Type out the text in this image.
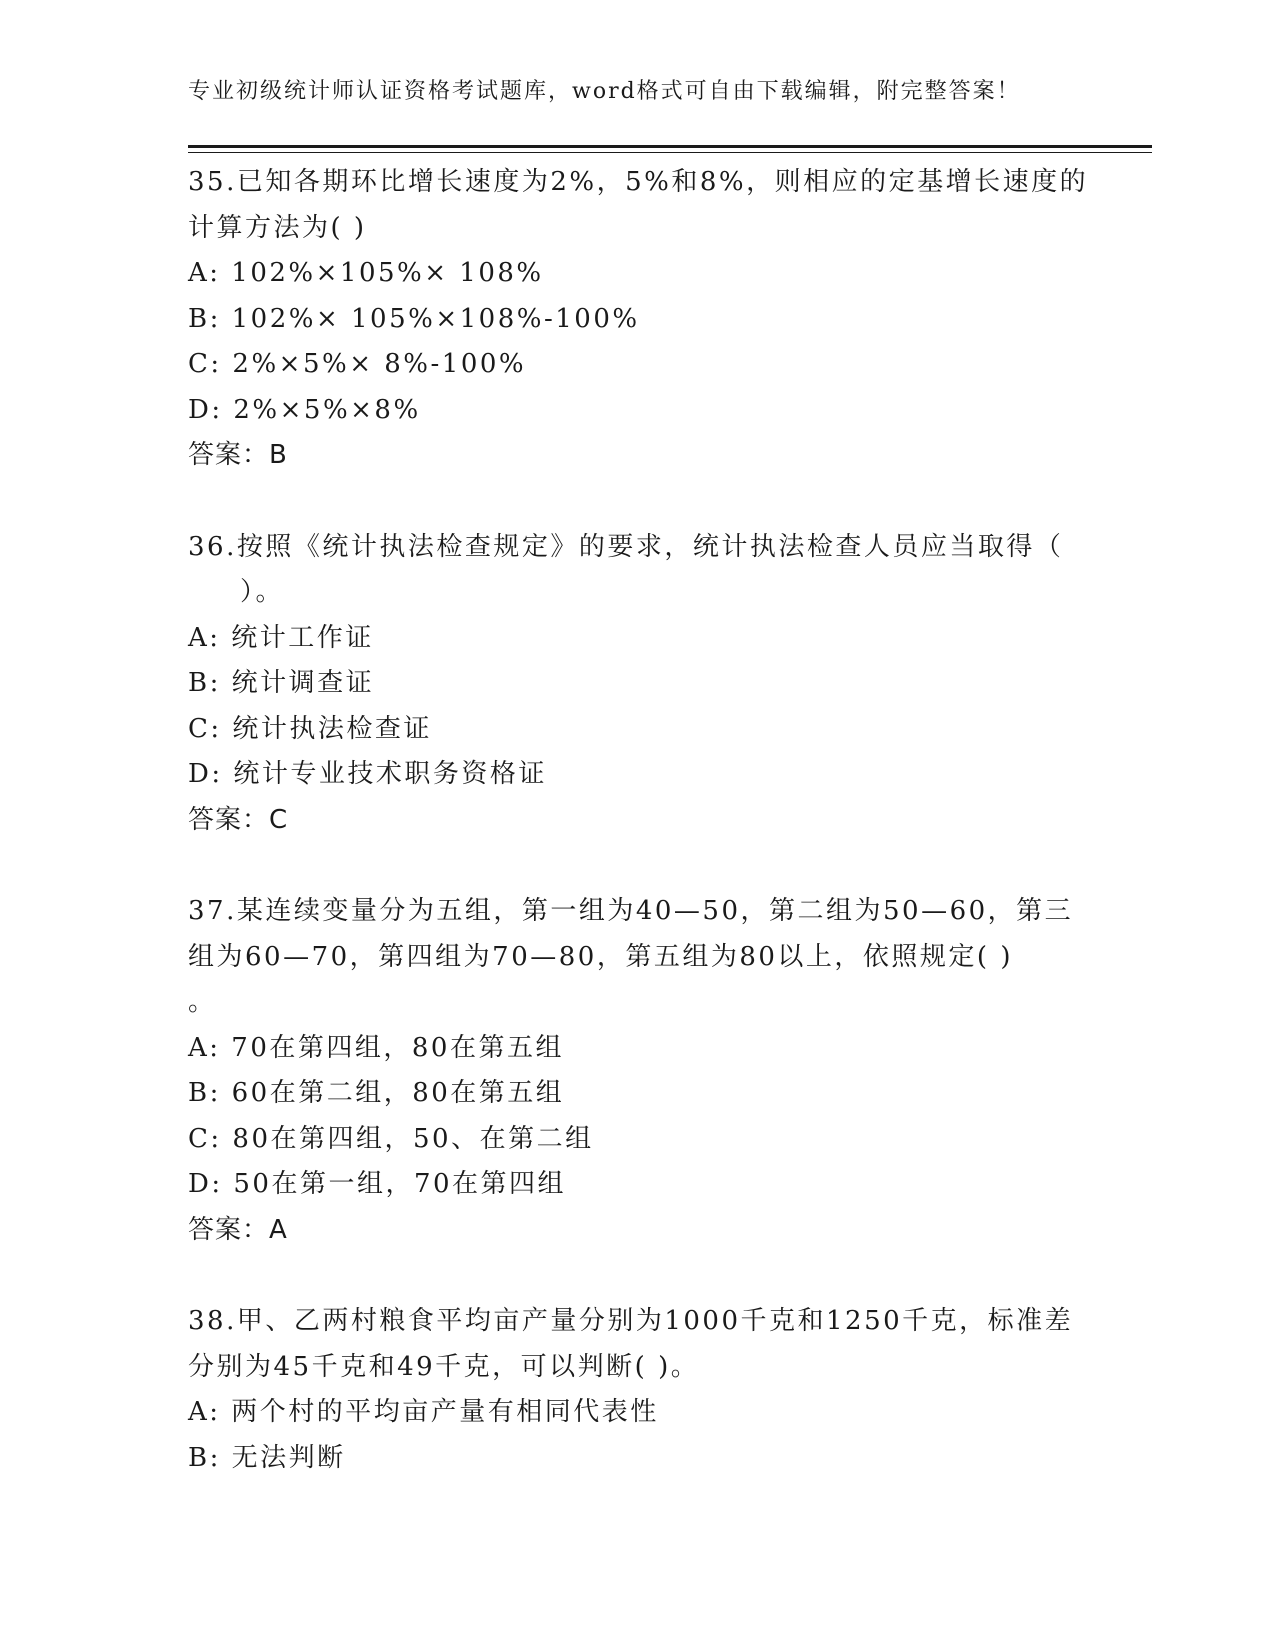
专业初级统计师认证资格考试题库，word格式可自由下载编辑，附完整答案！
35.已知各期环比增长速度为2%，5%和8%，则相应的定基增长速度的
计算方法为( )
A: 102%×105%× 108%
B: 102%× 105%×108%-100%
C: 2%×5%× 8%-100%
D: 2%×5%×8%
答案：B
36.按照《统计执法检查规定》的要求，统计执法检查人员应当取得（
）。
A: 统计工作证
B: 统计调查证
C: 统计执法检查证
D: 统计专业技术职务资格证
答案：C
37.某连续变量分为五组，第一组为40—50，第二组为50—60，第三
组为60—70，第四组为70—80，第五组为80以上，依照规定( )
。
A: 70在第四组，80在第五组
B: 60在第二组，80在第五组
C: 80在第四组，50、在第二组
D: 50在第一组，70在第四组
答案：A
38.甲、乙两村粮食平均亩产量分别为1000千克和1250千克，标准差
分别为45千克和49千克，可以判断( )。
A: 两个村的平均亩产量有相同代表性
B: 无法判断
